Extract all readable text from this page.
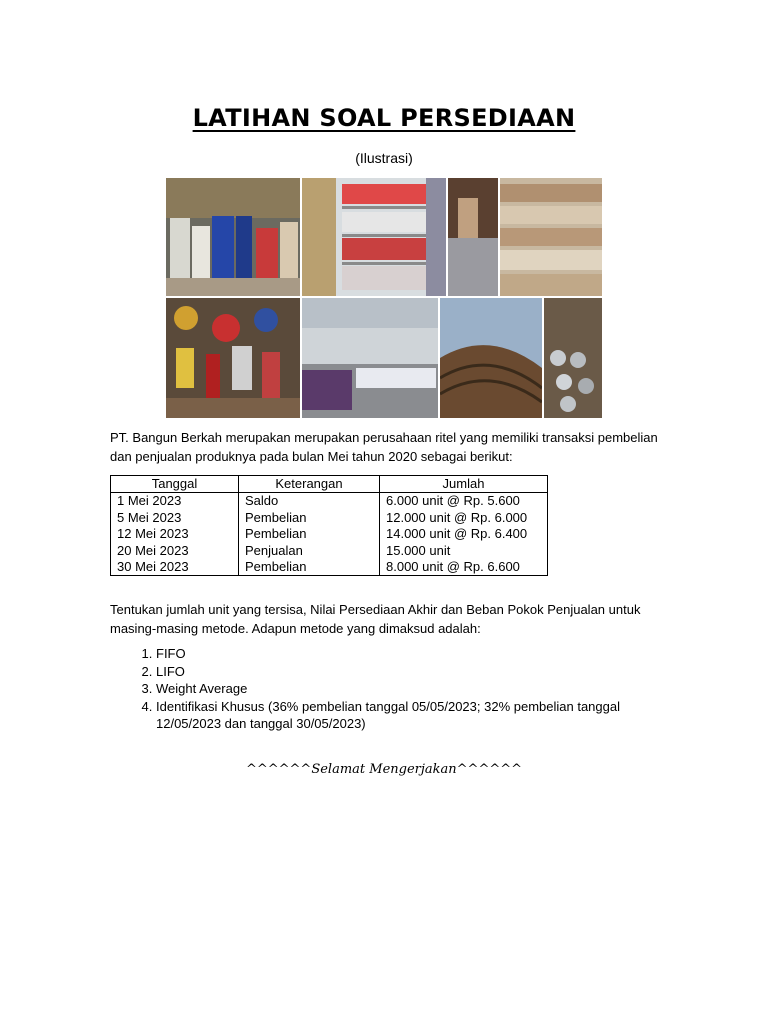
LATIHAN SOAL PERSEDIAAN
(Ilustrasi)
PT. Bangun Berkah merupakan merupakan perusahaan ritel yang memiliki transaksi pembelian dan penjualan produknya pada bulan Mei tahun 2020 sebagai berikut:
Tanggal	Keterangan	Jumlah
1 Mei 2023	Saldo	6.000 unit @ Rp. 5.600
5 Mei 2023	Pembelian	12.000 unit @ Rp. 6.000
12 Mei 2023	Pembelian	14.000 unit @ Rp. 6.400
20 Mei 2023	Penjualan	15.000 unit
30 Mei 2023	Pembelian	8.000 unit @ Rp. 6.600
Tentukan jumlah unit yang tersisa, Nilai Persediaan Akhir dan Beban Pokok Penjualan untuk masing-masing metode. Adapun metode yang dimaksud adalah:
1. FIFO
2. LIFO
3. Weight Average
4. Identifikasi Khusus (36% pembelian tanggal 05/05/2023; 32% pembelian tanggal 12/05/2023 dan tanggal 30/05/2023)
^^^^^^Selamat Mengerjakan^^^^^^
